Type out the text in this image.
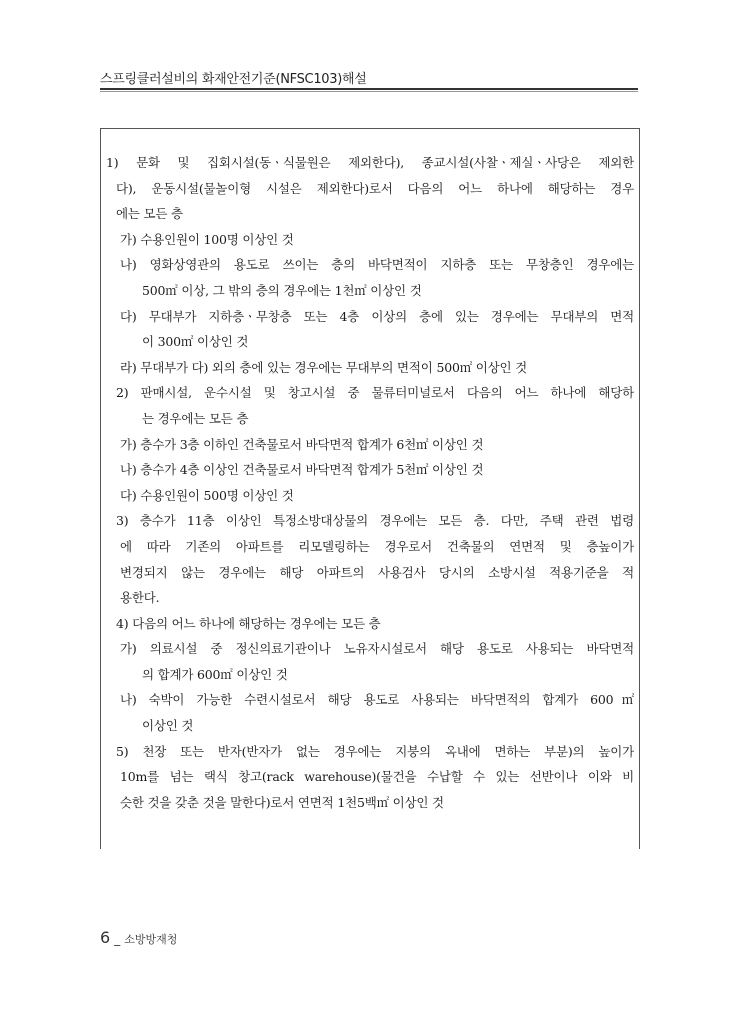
스프링클러설비의 화재안전기준(NFSC103)해설
1) 문화 및 집회시설(동ㆍ식물원은 제외한다), 종교시설(사찰ㆍ제실ㆍ사당은 제외한
다), 운동시설(물놀이형 시설은 제외한다)로서 다음의 어느 하나에 해당하는 경우
에는 모든 층
가) 수용인원이 100명 이상인 것
나) 영화상영관의 용도로 쓰이는 층의 바닥면적이 지하층 또는 무창층인 경우에는
500㎡ 이상, 그 밖의 층의 경우에는 1천㎡ 이상인 것
다) 무대부가 지하층ㆍ무창층 또는 4층 이상의 층에 있는 경우에는 무대부의 면적
이 300㎡ 이상인 것
라) 무대부가 다) 외의 층에 있는 경우에는 무대부의 면적이 500㎡ 이상인 것
2) 판매시설, 운수시설 및 창고시설 중 물류터미널로서 다음의 어느 하나에 해당하
는 경우에는 모든 층
가) 층수가 3층 이하인 건축물로서 바닥면적 합계가 6천㎡ 이상인 것
나) 층수가 4층 이상인 건축물로서 바닥면적 합계가 5천㎡ 이상인 것
다) 수용인원이 500명 이상인 것
3) 층수가 11층 이상인 특정소방대상물의 경우에는 모든 층. 다만, 주택 관련 법령
에 따라 기존의 아파트를 리모델링하는 경우로서 건축물의 연면적 및 층높이가
변경되지 않는 경우에는 해당 아파트의 사용검사 당시의 소방시설 적용기준을 적
용한다.
4) 다음의 어느 하나에 해당하는 경우에는 모든 층
가) 의료시설 중 정신의료기관이나 노유자시설로서 해당 용도로 사용되는 바닥면적
의 합계가 600㎡ 이상인 것
나) 숙박이 가능한 수련시설로서 해당 용도로 사용되는 바닥면적의 합계가 600㎡
이상인 것
5) 천장 또는 반자(반자가 없는 경우에는 지붕의 옥내에 면하는 부분)의 높이가
10m를 넘는 랙식 창고(rack warehouse)(물건을 수납할 수 있는 선반이나 이와 비
슷한 것을 갖춘 것을 말한다)로서 연면적 1천5백㎡ 이상인 것
6 _ 소방방재청
